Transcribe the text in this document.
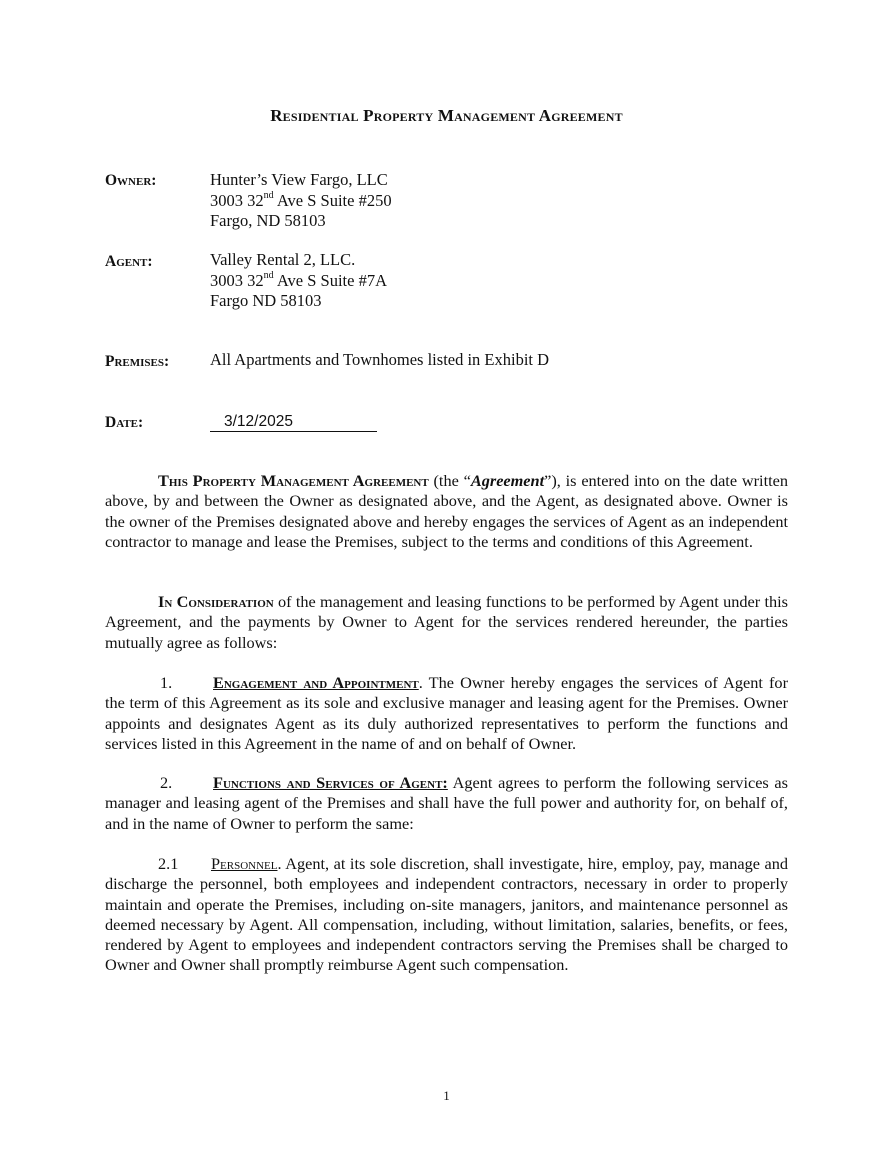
Residential Property Management Agreement
Owner:	Hunter’s View Fargo, LLC
3003 32nd Ave S Suite #250
Fargo, ND 58103
Agent:	Valley Rental 2, LLC.
3003 32nd Ave S Suite #7A
Fargo ND 58103
Premises: All Apartments and Townhomes listed in Exhibit D
Date:	3/12/2025
This Property Management Agreement (the “Agreement”), is entered into on the date written above, by and between the Owner as designated above, and the Agent, as designated above. Owner is the owner of the Premises designated above and hereby engages the services of Agent as an independent contractor to manage and lease the Premises, subject to the terms and conditions of this Agreement.
In Consideration of the management and leasing functions to be performed by Agent under this Agreement, and the payments by Owner to Agent for the services rendered hereunder, the parties mutually agree as follows:
1.	Engagement and Appointment. The Owner hereby engages the services of Agent for the term of this Agreement as its sole and exclusive manager and leasing agent for the Premises. Owner appoints and designates Agent as its duly authorized representatives to perform the functions and services listed in this Agreement in the name of and on behalf of Owner.
2.	Functions and Services of Agent: Agent agrees to perform the following services as manager and leasing agent of the Premises and shall have the full power and authority for, on behalf of, and in the name of Owner to perform the same:
2.1 Personnel. Agent, at its sole discretion, shall investigate, hire, employ, pay, manage and discharge the personnel, both employees and independent contractors, necessary in order to properly maintain and operate the Premises, including on-site managers, janitors, and maintenance personnel as deemed necessary by Agent. All compensation, including, without limitation, salaries, benefits, or fees, rendered by Agent to employees and independent contractors serving the Premises shall be charged to Owner and Owner shall promptly reimburse Agent such compensation.
1
